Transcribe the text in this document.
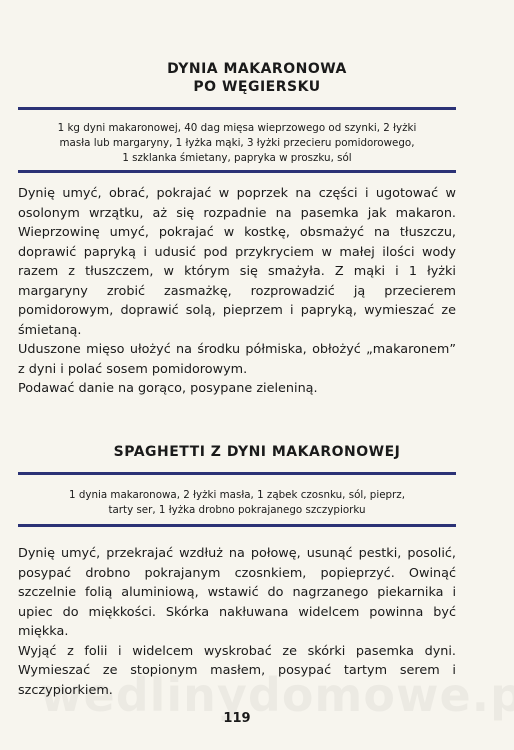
DYNIA MAKARONOWA
PO WĘGIERSKU
1 kg dyni makaronowej, 40 dag mięsa wieprzowego od szynki, 2 łyżki
masła lub margaryny, 1 łyżka mąki, 3 łyżki przecieru pomidorowego,
1 szklanka śmietany, papryka w proszku, sól

Dynię umyć, obrać, pokrajać w poprzek na części i ugotować w osolonym wrzątku, aż się rozpadnie na pasemka jak makaron. Wieprzowinę umyć, pokrajać w kostkę, obsmażyć na tłuszczu, doprawić papryką i udusić pod przykryciem w małej ilości wody razem z tłuszczem, w którym się smażyła. Z mąki i 1 łyżki margaryny zrobić zasmażkę, rozprowadzić ją przecierem pomidorowym, doprawić solą, pieprzem i papryką, wymieszać ze śmietaną.

Uduszone mięso ułożyć na środku półmiska, obłożyć „makaronem” z dyni i polać sosem pomidorowym.

Podawać danie na gorąco, posypane zieleniną.

SPAGHETTI Z DYNI MAKARONOWEJ
1 dynia makaronowa, 2 łyżki masła, 1 ząbek czosnku, sól, pieprz,
tarty ser, 1 łyżka drobno pokrajanego szczypiorku

Dynię umyć, przekrajać wzdłuż na połowę, usunąć pestki, posolić, posypać drobno pokrajanym czosnkiem, popieprzyć. Owinąć szczelnie folią aluminiową, wstawić do nagrzanego piekarnika i upiec do miękkości. Skórka nakłuwana widelcem powinna być miękka.

Wyjąć z folii i widelcem wyskrobać ze skórki pasemka dyni. Wymieszać ze stopionym masłem, posypać tartym serem i szczypiorkiem.

119
